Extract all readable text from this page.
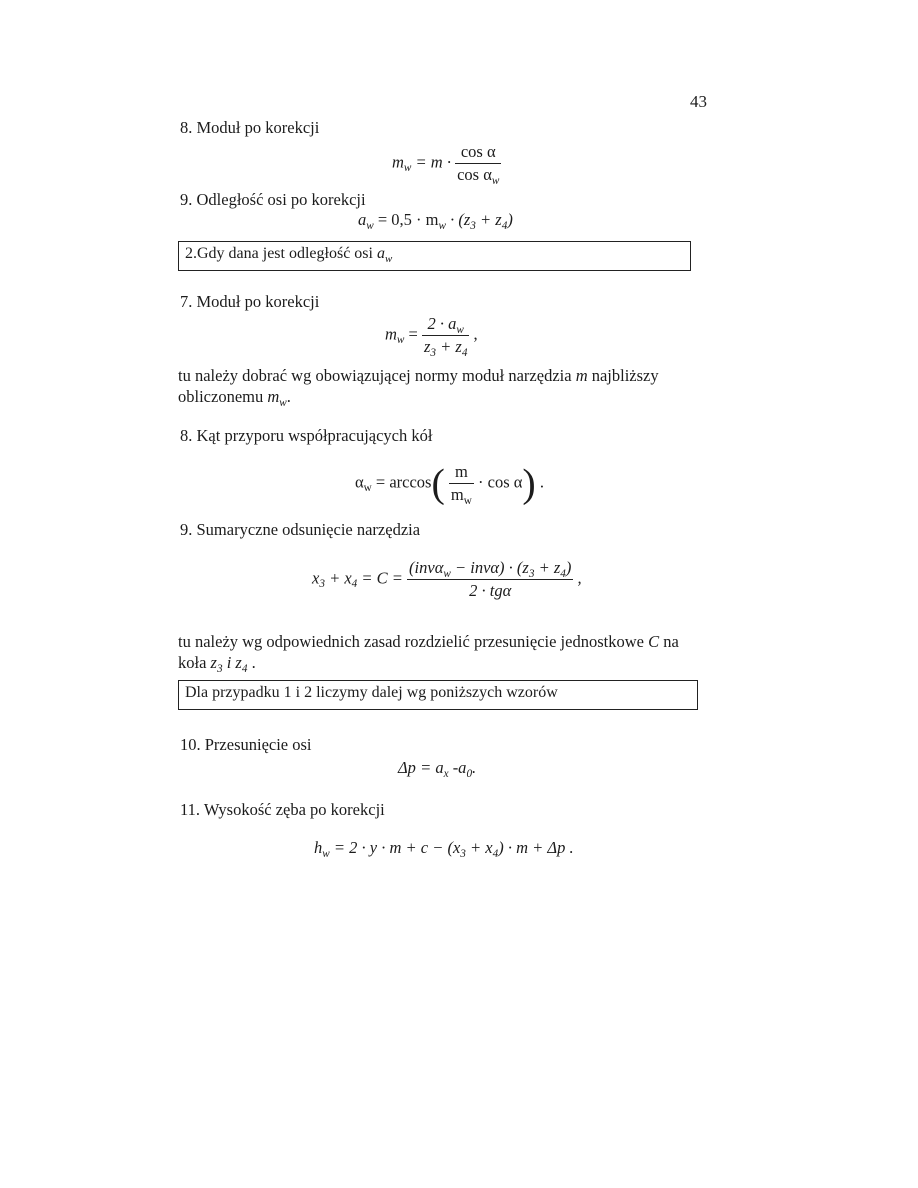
43
8. Moduł po korekcji
$m_w = m \cdot \frac{\text{cos α}}{\cos \alpha_w}$
9. Odległość osi po korekcji
$a_w = 0,5 \cdot m_w \cdot (z_3 + z_4)$
2.Gdy dana jest odległość osi $a_w$
7. Moduł po korekcji
$m_w = \frac{2 \cdot a_w}{z_3 + z_4}$ ,
tu należy dobrać wg obowiązującej normy moduł narzędzia m najbliższy
obliczonemu $m_w$.
8. Kąt przyporu współpracujących kół
$\alpha_w = \arccos( \frac{m}{m_w} \cdot \cos \alpha)$ .
9. Sumaryczne odsunięcie narzędzia
$x_3 + x_4 = C = \frac{(inv\alpha_w - inv\alpha) \cdot (z_3 + z_4)}{\text{2 · tgα}}$ ,
tu należy wg odpowiednich zasad rozdzielić przesunięcie jednostkowe C na
koła $z_3$ i $z_4$ .
Dla przypadku 1 i 2 liczymy dalej wg poniższych wzorów
10. Przesunięcie osi
$\Delta p = a_x$ $-a_0$.
11. Wysokość zęba po korekcji
$h_w = 2 \cdot y \cdot m + c - (x_3 + x_4) \cdot m + \Delta p$ .
